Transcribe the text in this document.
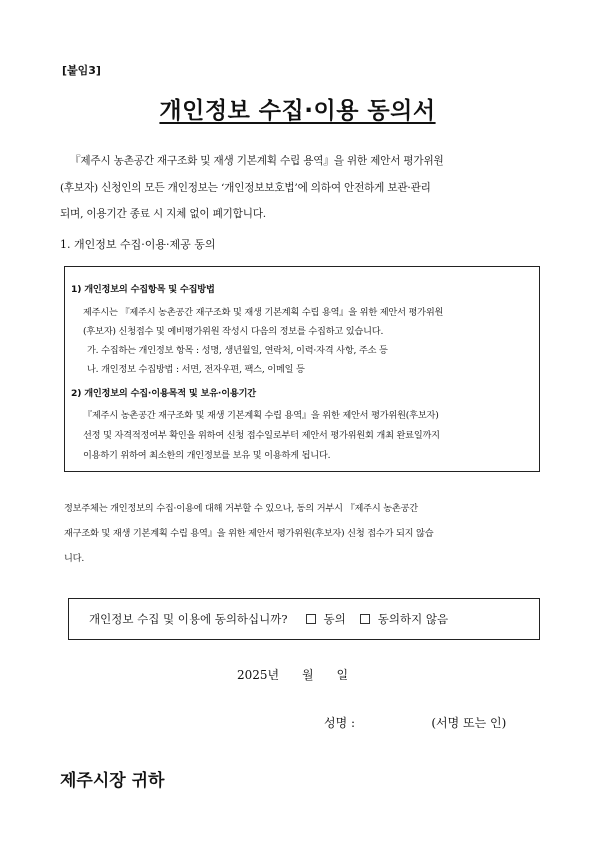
[붙임3]
개인정보 수집·이용 동의서
『제주시 농촌공간 재구조화 및 재생 기본계획 수립 용역』을 위한 제안서 평가위원
(후보자) 신청인의 모든 개인정보는 ‘개인정보보호법’에 의하여 안전하게 보관·관리
되며, 이용기간 종료 시 지체 없이 폐기합니다.
1. 개인정보 수집·이용·제공 동의
1) 개인정보의 수집항목 및 수집방법
제주시는 『제주시 농촌공간 재구조화 및 재생 기본계획 수립 용역』을 위한 제안서 평가위원
(후보자) 신청접수 및 예비평가위원 작성시 다음의 정보를 수집하고 있습니다.
가. 수집하는 개인정보 항목 : 성명, 생년월일, 연락처, 이력·자격 사항, 주소 등
나. 개인정보 수집방법 : 서면, 전자우편, 팩스, 이메일 등
2) 개인정보의 수집·이용목적 및 보유·이용기간
『제주시 농촌공간 재구조화 및 재생 기본계획 수립 용역』을 위한 제안서 평가위원(후보자)
선정 및 자격적정여부 확인을 위하여 신청 접수일로부터 제안서 평가위원회 개최 완료일까지
이용하기 위하여 최소한의 개인정보를 보유 및 이용하게 됩니다.
정보주체는 개인정보의 수집·이용에 대해 거부할 수 있으나, 동의 거부시 『제주시 농촌공간
재구조화 및 재생 기본계획 수립 용역』을 위한 제안서 평가위원(후보자) 신청 접수가 되지 않습
니다.
개인정보 수집 및 이용에 동의하십니까?	동의	동의하지 않음
2025년 월 일
성명 :	(서명 또는 인)
제주시장 귀하
